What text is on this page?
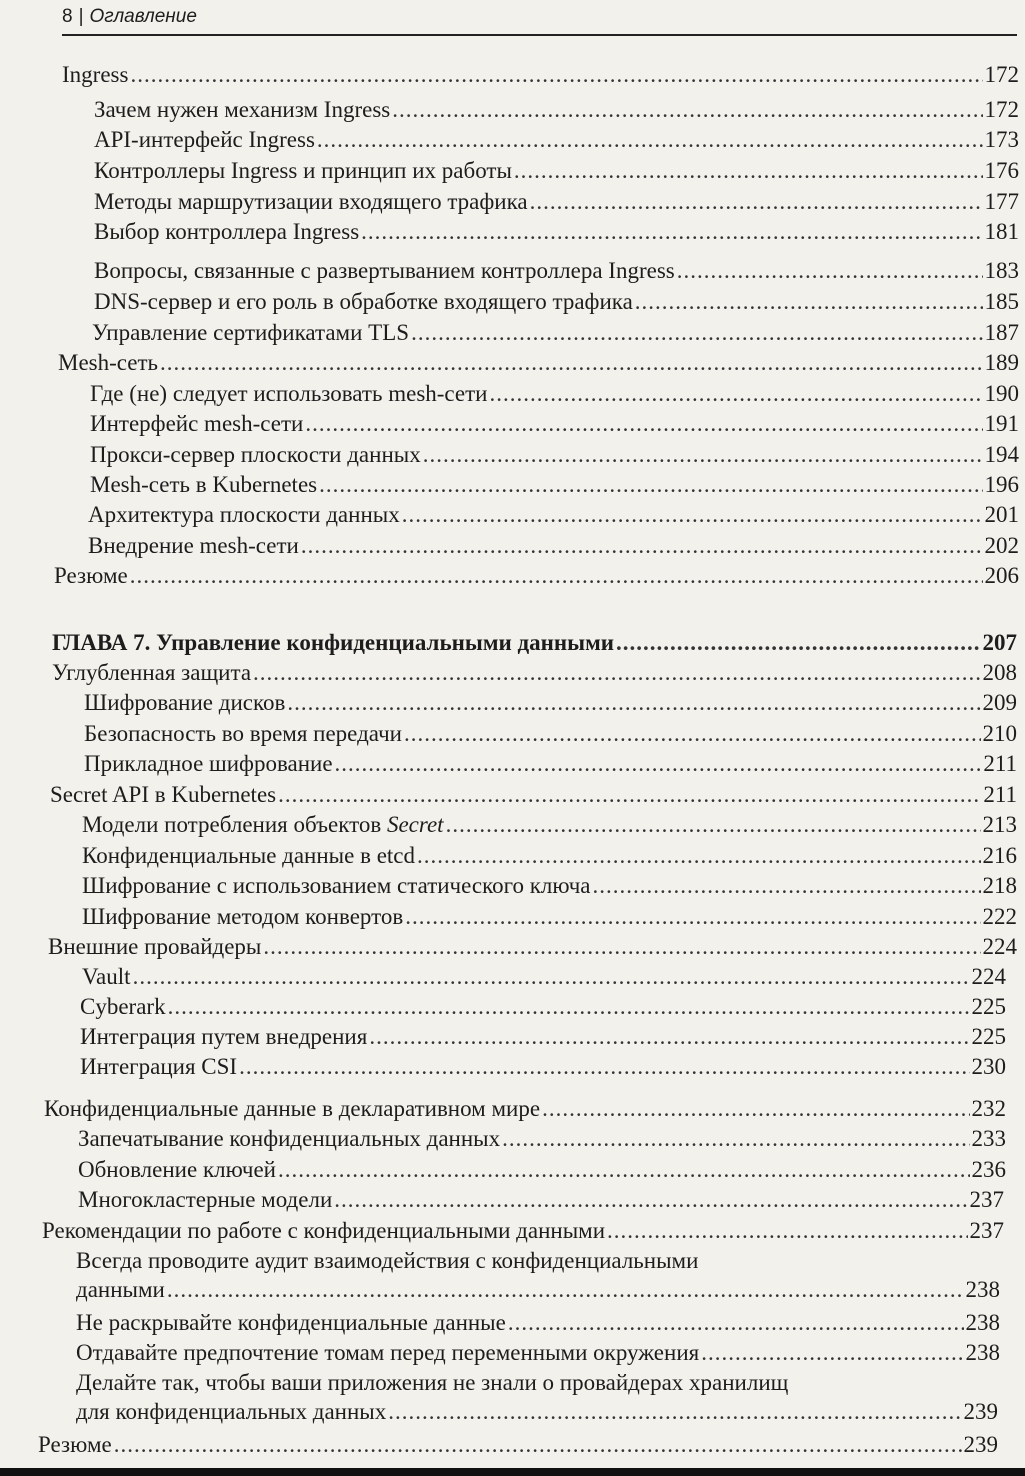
8 | Оглавление
Ingress .....	172
Зачем нужен механизм Ingress .....	172
API-интерфейс Ingress .....	173
Контроллеры Ingress и принцип их работы .....	176
Методы маршрутизации входящего трафика .....	177
Выбор контроллера Ingress .....	181
Вопросы, связанные с развертыванием контроллера Ingress .....	183
DNS-сервер и его роль в обработке входящего трафика .....	185
Управление сертификатами TLS .....	187
Mesh-сеть .....	189
Где (не) следует использовать mesh-сети .....	190
Интерфейс mesh-сети .....	191
Прокси-сервер плоскости данных .....	194
Mesh-сеть в Kubernetes .....	196
Архитектура плоскости данных .....	201
Внедрение mesh-сети .....	202
Резюме .....	206
ГЛАВА 7. Управление конфиденциальными данными .....	207
Углубленная защита .....	208
Шифрование дисков .....	209
Безопасность во время передачи .....	210
Прикладное шифрование .....	211
Secret API в Kubernetes .....	211
Модели потребления объектов Secret .....	213
Конфиденциальные данные в etcd .....	216
Шифрование с использованием статического ключа .....	218
Шифрование методом конвертов .....	222
Внешние провайдеры .....	224
Vault .....	224
Cyberark .....	225
Интеграция путем внедрения .....	225
Интеграция CSI .....	230
Конфиденциальные данные в декларативном мире .....	232
Запечатывание конфиденциальных данных .....	233
Обновление ключей .....	236
Многокластерные модели .....	237
Рекомендации по работе с конфиденциальными данными .....	237
Всегда проводите аудит взаимодействия с конфиденциальными
данными .....	238
Не раскрывайте конфиденциальные данные .....	238
Отдавайте предпочтение томам перед переменными окружения .....	238
Делайте так, чтобы ваши приложения не знали о провайдерах хранилищ
для конфиденциальных данных .....	239
Резюме .....	239
